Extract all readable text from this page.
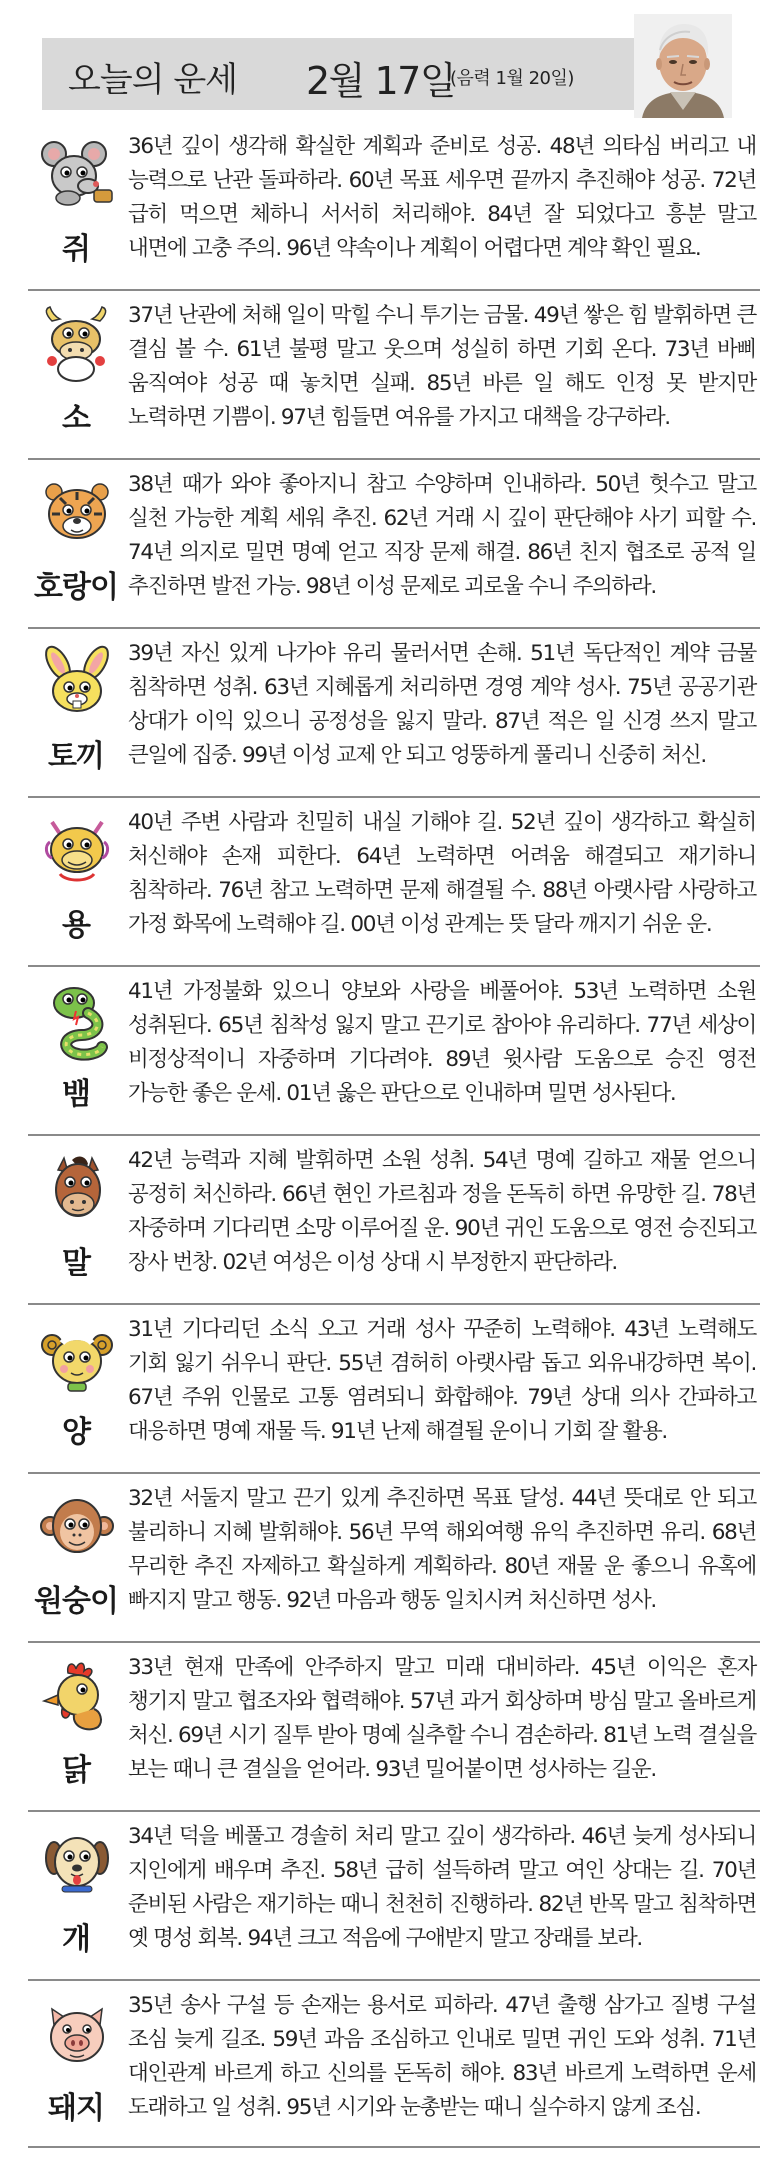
오늘의 운세 2월 17일
(음력 1월 20일)
쥐
36년 깊이 생각해 확실한 계획과 준비로 성공. 48년 의타심 버리고 내 능력으로 난관 돌파하라. 60년 목표 세우면 끝까지 추진해야 성공. 72년 급히 먹으면 체하니 서서히 처리해야. 84년 잘 되었다고 흥분 말고 내면에 고충 주의. 96년 약속이나 계획이 어렵다면 계약 확인 필요.
소
37년 난관에 처해 일이 막힐 수니 투기는 금물. 49년 쌓은 힘 발휘하면 큰 결심 볼 수. 61년 불평 말고 웃으며 성실히 하면 기회 온다. 73년 바삐 움직여야 성공 때 놓치면 실패. 85년 바른 일 해도 인정 못 받지만 노력하면 기쁨이. 97년 힘들면 여유를 가지고 대책을 강구하라.
호랑이
38년 때가 와야 좋아지니 참고 수양하며 인내하라. 50년 헛수고 말고 실천 가능한 계획 세워 추진. 62년 거래 시 깊이 판단해야 사기 피할 수. 74년 의지로 밀면 명예 얻고 직장 문제 해결. 86년 친지 협조로 공적 일 추진하면 발전 가능. 98년 이성 문제로 괴로울 수니 주의하라.
토끼
39년 자신 있게 나가야 유리 물러서면 손해. 51년 독단적인 계약 금물 침착하면 성취. 63년 지혜롭게 처리하면 경영 계약 성사. 75년 공공기관 상대가 이익 있으니 공정성을 잃지 말라. 87년 적은 일 신경 쓰지 말고 큰일에 집중. 99년 이성 교제 안 되고 엉뚱하게 풀리니 신중히 처신.
용
40년 주변 사람과 친밀히 내실 기해야 길. 52년 깊이 생각하고 확실히 처신해야 손재 피한다. 64년 노력하면 어려움 해결되고 재기하니 침착하라. 76년 참고 노력하면 문제 해결될 수. 88년 아랫사람 사랑하고 가정 화목에 노력해야 길. 00년 이성 관계는 뜻 달라 깨지기 쉬운 운.
뱀
41년 가정불화 있으니 양보와 사랑을 베풀어야. 53년 노력하면 소원 성취된다. 65년 침착성 잃지 말고 끈기로 참아야 유리하다. 77년 세상이 비정상적이니 자중하며 기다려야. 89년 윗사람 도움으로 승진 영전 가능한 좋은 운세. 01년 옳은 판단으로 인내하며 밀면 성사된다.
말
42년 능력과 지혜 발휘하면 소원 성취. 54년 명예 길하고 재물 얻으니 공정히 처신하라. 66년 현인 가르침과 정을 돈독히 하면 유망한 길. 78년 자중하며 기다리면 소망 이루어질 운. 90년 귀인 도움으로 영전 승진되고 장사 번창. 02년 여성은 이성 상대 시 부정한지 판단하라.
양
31년 기다리던 소식 오고 거래 성사 꾸준히 노력해야. 43년 노력해도 기회 잃기 쉬우니 판단. 55년 겸허히 아랫사람 돕고 외유내강하면 복이. 67년 주위 인물로 고통 염려되니 화합해야. 79년 상대 의사 간파하고 대응하면 명예 재물 득. 91년 난제 해결될 운이니 기회 잘 활용.
원숭이
32년 서둘지 말고 끈기 있게 추진하면 목표 달성. 44년 뜻대로 안 되고 불리하니 지혜 발휘해야. 56년 무역 해외여행 유익 추진하면 유리. 68년 무리한 추진 자제하고 확실하게 계획하라. 80년 재물 운 좋으니 유혹에 빠지지 말고 행동. 92년 마음과 행동 일치시켜 처신하면 성사.
닭
33년 현재 만족에 안주하지 말고 미래 대비하라. 45년 이익은 혼자 챙기지 말고 협조자와 협력해야. 57년 과거 회상하며 방심 말고 올바르게 처신. 69년 시기 질투 받아 명예 실추할 수니 겸손하라. 81년 노력 결실을 보는 때니 큰 결실을 얻어라. 93년 밀어붙이면 성사하는 길운.
개
34년 덕을 베풀고 경솔히 처리 말고 깊이 생각하라. 46년 늦게 성사되니 지인에게 배우며 추진. 58년 급히 설득하려 말고 여인 상대는 길. 70년 준비된 사람은 재기하는 때니 천천히 진행하라. 82년 반목 말고 침착하면 옛 명성 회복. 94년 크고 적음에 구애받지 말고 장래를 보라.
돼지
35년 송사 구설 등 손재는 용서로 피하라. 47년 출행 삼가고 질병 구설 조심 늦게 길조. 59년 과음 조심하고 인내로 밀면 귀인 도와 성취. 71년 대인관계 바르게 하고 신의를 돈독히 해야. 83년 바르게 노력하면 운세 도래하고 일 성취. 95년 시기와 눈총받는 때니 실수하지 않게 조심.
